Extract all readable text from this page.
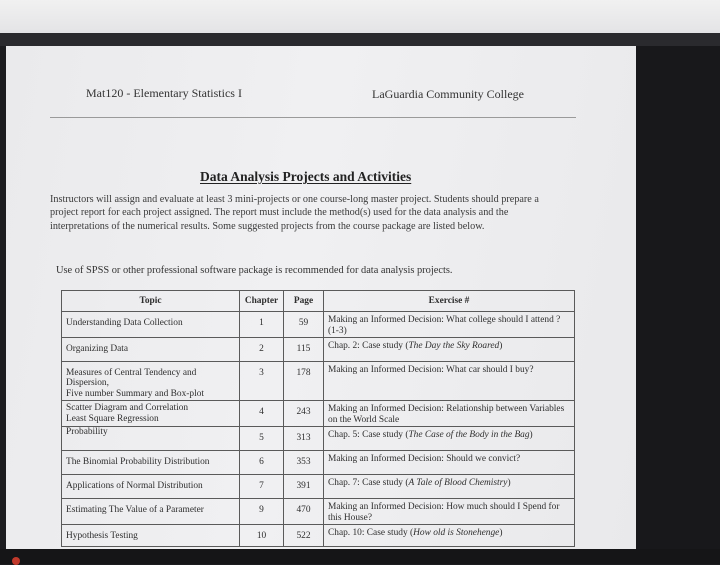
Mat120 - Elementary Statistics I	LaGuardia Community College
Data Analysis Projects and Activities
Instructors will assign and evaluate at least 3 mini-projects or one course-long master project. Students should prepare a project report for each project assigned. The report must include the method(s) used for the data analysis and the interpretations of the numerical results. Some suggested projects from the course package are listed below.
Use of SPSS or other professional software package is recommended for data analysis projects.
Topic	Chapter	Page	Exercise #

Understanding Data Collection	1	59	Making an Informed Decision: What college should I attend ?(1-3)

Organizing Data	2	115	Chap. 2: Case study (The Day the Sky Roared)

Measures of Central Tendency and Dispersion,
Five number Summary and Box-plot	3	178	Making an Informed Decision: What car should I buy?

Scatter Diagram and Correlation
Least Square Regression	4	243	Making an Informed Decision: Relationship between Variables on the World Scale

Probability	5	313	Chap. 5: Case study (The Case of the Body in the Bag)

The Binomial Probability Distribution	6	353	Making an Informed Decision: Should we convict?

Applications of Normal Distribution	7	391	Chap. 7: Case study (A Tale of Blood Chemistry)

Estimating The Value of a Parameter	9	470	Making an Informed Decision: How much should I Spend for this House?

Hypothesis Testing	10	522	Chap. 10: Case study (How old is Stonehenge)
